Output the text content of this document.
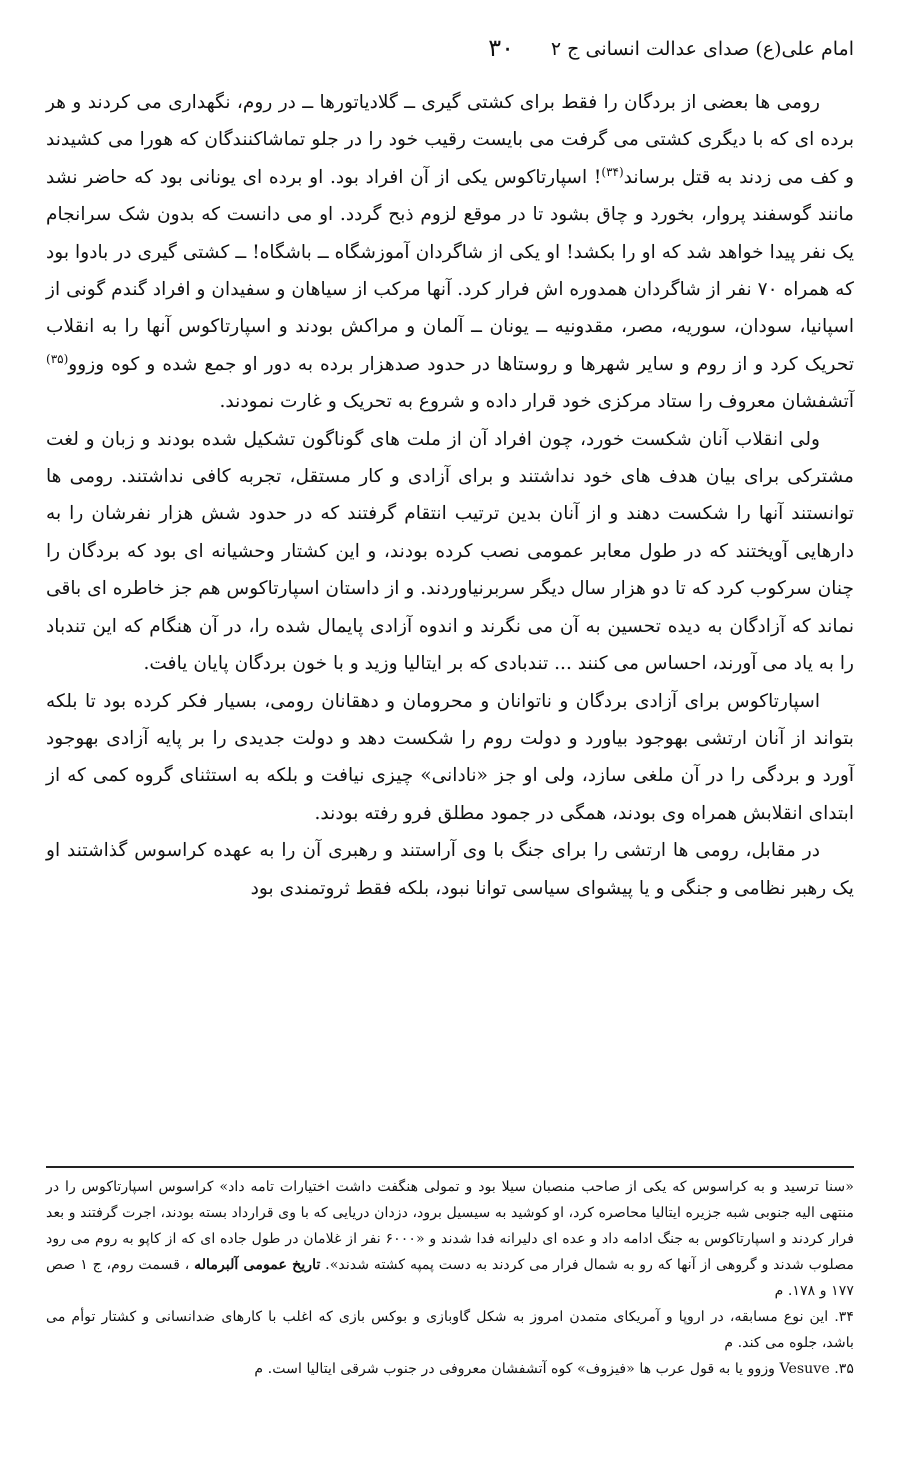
امام علی(ع) صدای عدالت انسانی ج ۲
۳۰

رومی ها بعضی از بردگان را فقط برای کشتی گیری ــ گلادیاتورها ــ در روم، نگهداری می کردند و هر برده ای که با دیگری کشتی می گرفت می بایست رقیب خود را در جلو تماشاکنندگان که هورا می کشیدند و کف می زدند به قتل برساند$^{(۳۴)}$! اسپارتاکوس یکی از آن افراد بود. او برده ای یونانی بود که حاضر نشد مانند گوسفند پروار، بخورد و چاق بشود تا در موقع لزوم ذبح گردد. او می دانست که بدون شک سرانجام یک نفر پیدا خواهد شد که او را بکشد! او یکی از شاگردان آموزشگاه ــ باشگاه! ــ کشتی گیری در بادوا بود که همراه ۷۰ نفر از شاگردان همدوره اش فرار کرد. آنها مرکب از سیاهان و سفیدان و افراد گندم گونی از اسپانیا، سودان، سوریه، مصر، مقدونیه ــ یونان ــ آلمان و مراکش بودند و اسپارتاکوس آنها را به انقلاب تحریک کرد و از روم و سایر شهرها و روستاها در حدود صدهزار برده به دور او جمع شده و کوه وزوو$^{(۳۵)}$ آتشفشان معروف را ستاد مرکزی خود قرار داده و شروع به تحریک و غارت نمودند.

ولی انقلاب آنان شکست خورد، چون افراد آن از ملت های گوناگون تشکیل شده بودند و زبان و لغت مشترکی برای بیان هدف های خود نداشتند و برای آزادی و کار مستقل، تجربه کافی نداشتند. رومی ها توانستند آنها را شکست دهند و از آنان بدین ترتیب انتقام گرفتند که در حدود شش هزار نفرشان را به دارهایی آویختند که در طول معابر عمومی نصب کرده بودند، و این کشتار وحشیانه ای بود که بردگان را چنان سرکوب کرد که تا دو هزار سال دیگر سربرنیاوردند. و از داستان اسپارتاکوس هم جز خاطره ای باقی نماند که آزادگان به دیده تحسین به آن می نگرند و اندوه آزادی پایمال شده را، در آن هنگام که این تندباد را به یاد می آورند، احساس می کنند ... تندبادی که بر ایتالیا وزید و با خون بردگان پایان یافت.

اسپارتاکوس برای آزادی بردگان و ناتوانان و محرومان و دهقانان رومی، بسیار فکر کرده بود تا بلکه بتواند از آنان ارتشی بهوجود بیاورد و دولت روم را شکست دهد و دولت جدیدی را بر پایه آزادی بهوجود آورد و بردگی را در آن ملغی سازد، ولی او جز «نادانی» چیزی نیافت و بلکه به استثنای گروه کمی که از ابتدای انقلابش همراه وی بودند، همگی در جمود مطلق فرو رفته بودند.

در مقابل، رومی ها ارتشی را برای جنگ با وی آراستند و رهبری آن را به عهده کراسوس گذاشتند او یک رهبر نظامی و جنگی و یا پیشوای سیاسی توانا نبود، بلکه فقط ثروتمندی بود

«سنا ترسید و به کراسوس که یکی از صاحب منصبان سیلا بود و تمولی هنگفت داشت اختیارات تامه داد» کراسوس اسپارتاکوس را در منتهی الیه جنوبی شبه جزیره ایتالیا محاصره کرد، او کوشید به سیسیل برود، دزدان دریایی که با وی قرارداد بسته بودند، اجرت گرفتند و بعد فرار کردند و اسپارتاکوس به جنگ ادامه داد و عده ای دلیرانه فدا شدند و «۶۰۰۰ نفر از غلامان در طول جاده ای که از کاپو به روم می رود مصلوب شدند و گروهی از آنها که رو به شمال فرار می کردند به دست پمپه کشته شدند». تاریخ عمومی آلبرماله ، قسمت روم، ج ۱ صص ۱۷۷ و ۱۷۸. م

۳۴. این نوع مسابقه، در اروپا و آمریکای متمدن امروز به شکل گاوبازی و بوکس بازی که اغلب با کارهای ضدانسانی و کشتار توأم می باشد، جلوه می کند. م

۳۵. Vesuve وزوو یا به قول عرب ها «فیزوف» کوه آتشفشان معروفی در جنوب شرقی ایتالیا است. م
